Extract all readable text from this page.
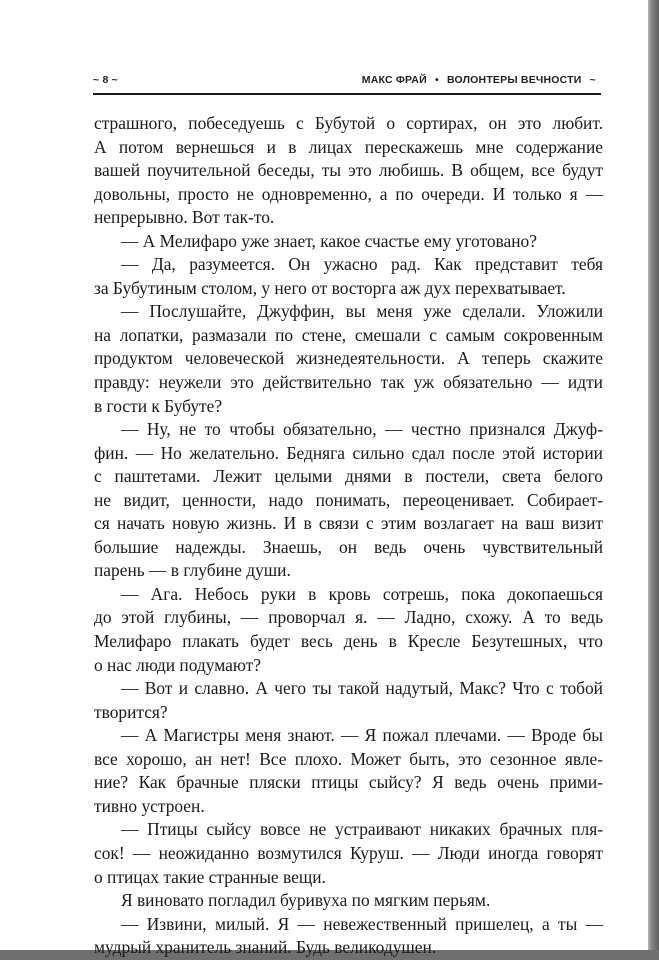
~ 8 ~	МАКС ФРАЙ • ВОЛОНТЕРЫ ВЕЧНОСТИ ~
страшного, побеседуешь с Бубутой о сортирах, он это любит.
А потом вернешься и в лицах перескажешь мне содержание
вашей поучительной беседы, ты это любишь. В общем, все будут
довольны, просто не одновременно, а по очереди. И только я —
непрерывно. Вот так-то.
— А Мелифаро уже знает, какое счастье ему уготовано?
— Да, разумеется. Он ужасно рад. Как представит тебя
за Бубутиным столом, у него от восторга аж дух перехватывает.
— Послушайте, Джуффин, вы меня уже сделали. Уложили
на лопатки, размазали по стене, смешали с самым сокровенным
продуктом человеческой жизнедеятельности. А теперь скажите
правду: неужели это действительно так уж обязательно — идти
в гости к Бубуте?
— Ну, не то чтобы обязательно, — честно признался Джуф-
фин. — Но желательно. Бедняга сильно сдал после этой истории
с паштетами. Лежит целыми днями в постели, света белого
не видит, ценности, надо понимать, переоценивает. Собирает-
ся начать новую жизнь. И в связи с этим возлагает на ваш визит
большие надежды. Знаешь, он ведь очень чувствительный
парень — в глубине души.
— Ага. Небось руки в кровь сотрешь, пока докопаешься
до этой глубины, — проворчал я. — Ладно, схожу. А то ведь
Мелифаро плакать будет весь день в Кресле Безутешных, что
о нас люди подумают?
— Вот и славно. А чего ты такой надутый, Макс? Что с тобой
творится?
— А Магистры меня знают. — Я пожал плечами. — Вроде бы
все хорошо, ан нет! Все плохо. Может быть, это сезонное явле-
ние? Как брачные пляски птицы сыйсу? Я ведь очень прими-
тивно устроен.
— Птицы сыйсу вовсе не устраивают никаких брачных пля-
сок! — неожиданно возмутился Куруш. — Люди иногда говорят
о птицах такие странные вещи.
Я виновато погладил буривуха по мягким перьям.
— Извини, милый. Я — невежественный пришелец, а ты —
мудрый хранитель знаний. Будь великодушен.
